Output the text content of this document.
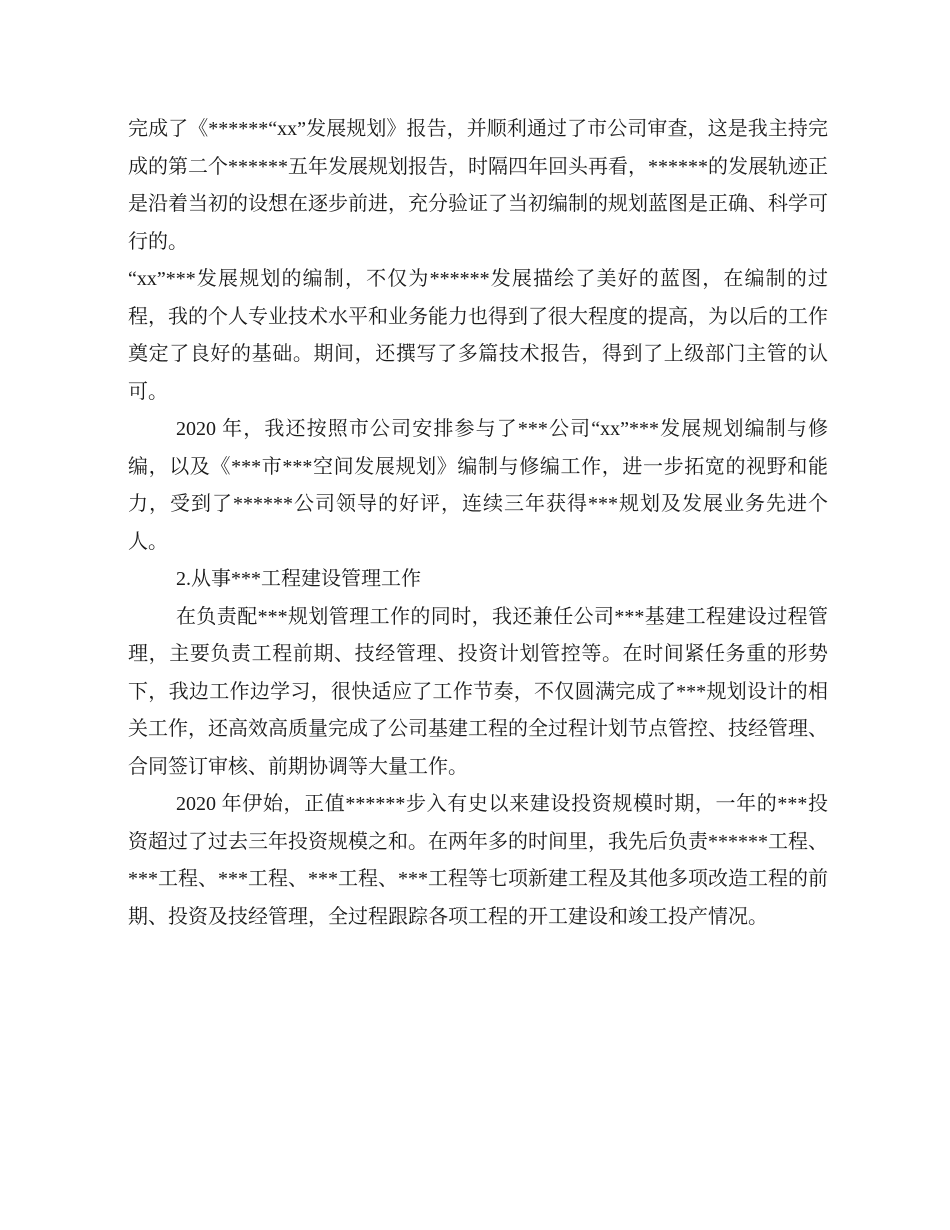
完成了《******“xx”发展规划》报告，并顺利通过了市公司审查，这是我主持完成的第二个******五年发展规划报告，时隔四年回头再看，******的发展轨迹正是沿着当初的设想在逐步前进，充分验证了当初编制的规划蓝图是正确、科学可行的。

“xx”***发展规划的编制，不仅为******发展描绘了美好的蓝图，在编制的过程，我的个人专业技术水平和业务能力也得到了很大程度的提高，为以后的工作奠定了良好的基础。期间，还撰写了多篇技术报告，得到了上级部门主管的认可。

2020 年，我还按照市公司安排参与了***公司“xx”***发展规划编制与修编，以及《***市***空间发展规划》编制与修编工作，进一步拓宽的视野和能力，受到了******公司领导的好评，连续三年获得***规划及发展业务先进个人。

2.从事***工程建设管理工作

在负责配***规划管理工作的同时，我还兼任公司***基建工程建设过程管理，主要负责工程前期、技经管理、投资计划管控等。在时间紧任务重的形势下，我边工作边学习，很快适应了工作节奏，不仅圆满完成了***规划设计的相关工作，还高效高质量完成了公司基建工程的全过程计划节点管控、技经管理、合同签订审核、前期协调等大量工作。

2020 年伊始，正值******步入有史以来建设投资规模时期，一年的***投资超过了过去三年投资规模之和。在两年多的时间里，我先后负责******工程、***工程、***工程、***工程、***工程等七项新建工程及其他多项改造工程的前期、投资及技经管理，全过程跟踪各项工程的开工建设和竣工投产情况。
